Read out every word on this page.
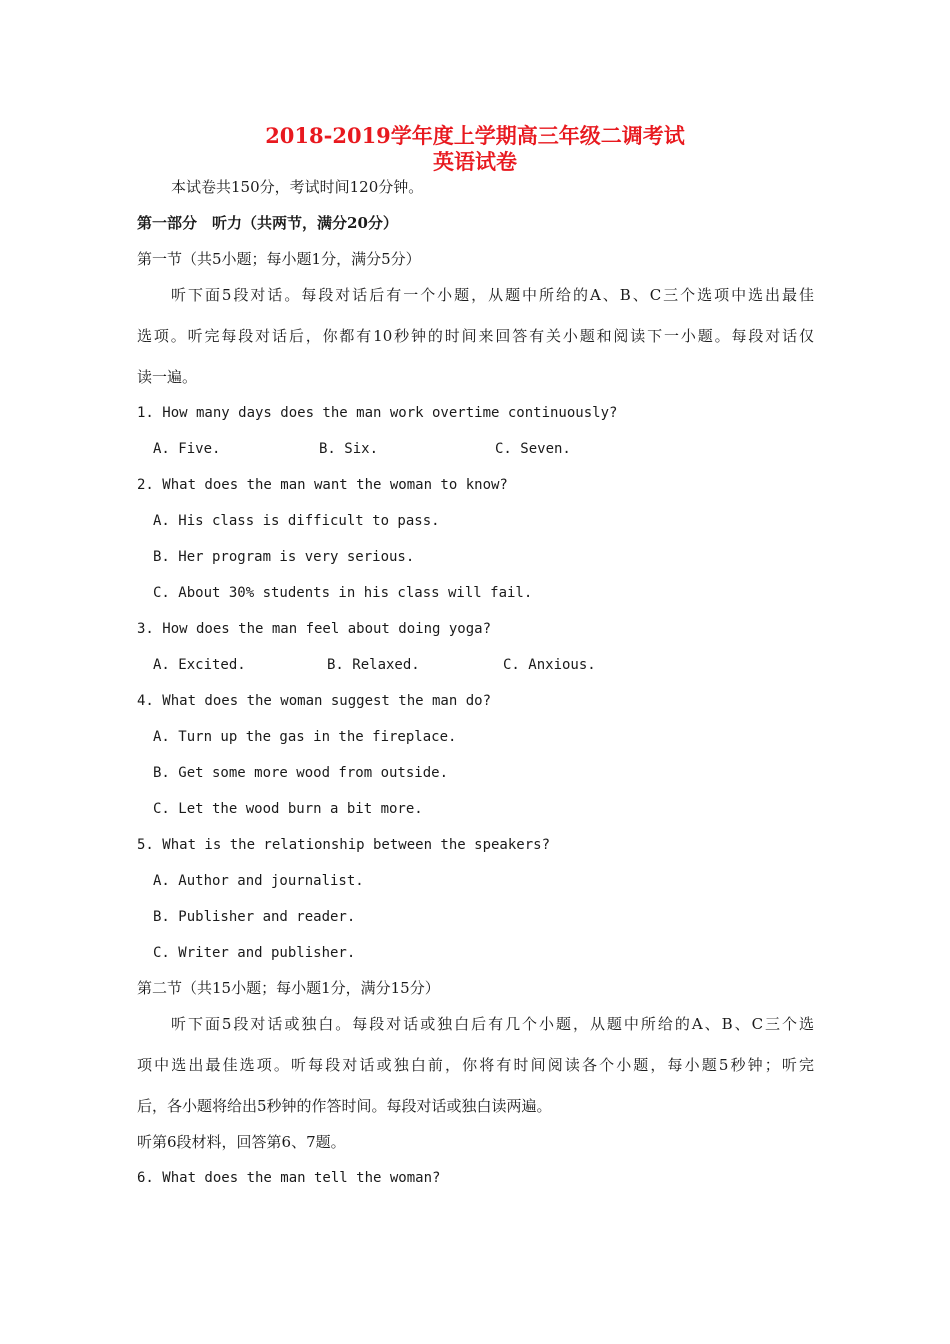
2018-2019学年度上学期高三年级二调考试
英语试卷
本试卷共150分，考试时间120分钟。
第一部分　听力（共两节，满分20分）
第一节（共5小题；每小题1分，满分5分）
听下面5段对话。每段对话后有一个小题，从题中所给的A、B、C三个选项中选出最佳
选项。听完每段对话后，你都有10秒钟的时间来回答有关小题和阅读下一小题。每段对话仅
读一遍。
1. How many days does the man work overtime continuously?
A. Five.	B. Six.	C. Seven.
2. What does the man want the woman to know?
A. His class is difficult to pass.
B. Her program is very serious.
C. About 30% students in his class will fail.
3. How does the man feel about doing yoga?
A. Excited.	B. Relaxed.	C. Anxious.
4. What does the woman suggest the man do?
A. Turn up the gas in the fireplace.
B. Get some more wood from outside.
C. Let the wood burn a bit more.
5. What is the relationship between the speakers?
A. Author and journalist.
B. Publisher and reader.
C. Writer and publisher.
第二节（共15小题；每小题1分，满分15分）
听下面5段对话或独白。每段对话或独白后有几个小题，从题中所给的A、B、C三个选
项中选出最佳选项。听每段对话或独白前，你将有时间阅读各个小题，每小题5秒钟；听完
后，各小题将给出5秒钟的作答时间。每段对话或独白读两遍。
听第6段材料，回答第6、7题。
6. What does the man tell the woman?
